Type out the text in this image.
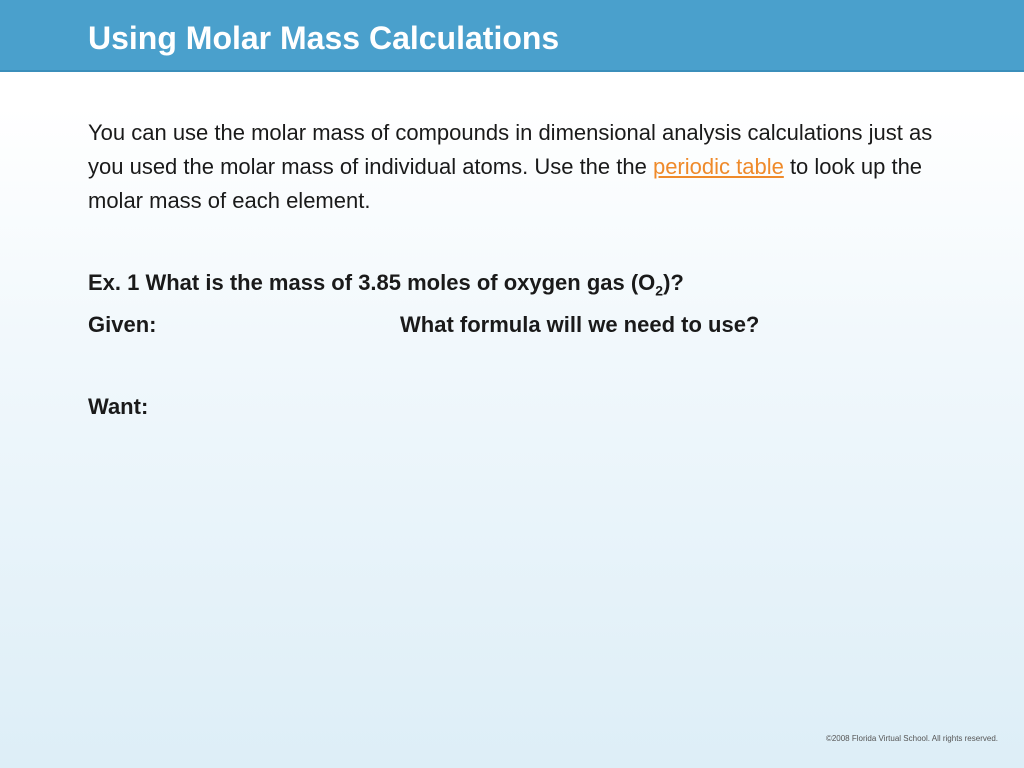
Using Molar Mass Calculations

You can use the molar mass of compounds in dimensional analysis calculations just as you used the molar mass of individual atoms. Use the the periodic table to look up the molar mass of each element.

Ex. 1 What is the mass of 3.85 moles of oxygen gas $(O_2)$?

Given:	What formula will we need to use?

Want:

©2008 Florida Virtual School. All rights reserved.
